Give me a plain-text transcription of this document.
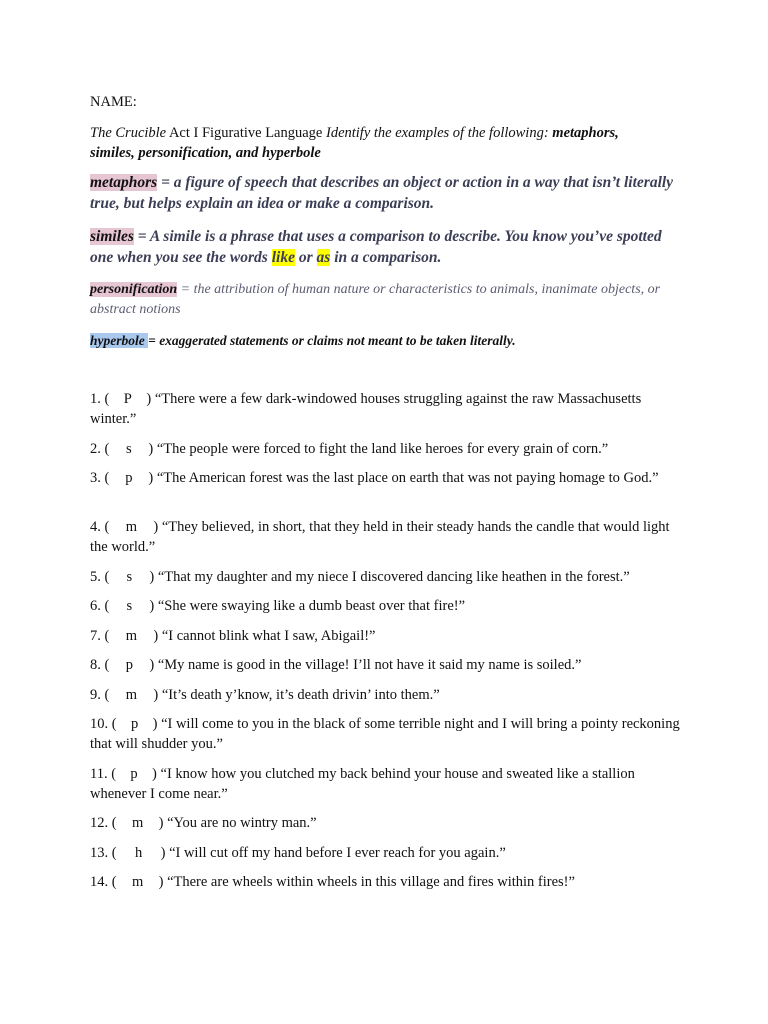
NAME:
The Crucible Act I Figurative Language Identify the examples of the following: metaphors,
similes, personification, and hyperbole
metaphors = a figure of speech that describes an object or action in a way that isn’t literally true, but helps explain an idea or make a comparison.
similes = A simile is a phrase that uses a comparison to describe. You know you’ve spotted one when you see the words like or as in a comparison.
personification = the attribution of human nature or characteristics to animals, inanimate objects, or abstract notions
hyperbole = exaggerated statements or claims not meant to be taken literally.
1. ( P ) “There were a few dark-windowed houses struggling against the raw Massachusetts winter.”
2. ( s ) “The people were forced to fight the land like heroes for every grain of corn.”
3. ( p ) “The American forest was the last place on earth that was not paying homage to God.”
4. ( m ) “They believed, in short, that they held in their steady hands the candle that would light the world.”
5. ( s ) “That my daughter and my niece I discovered dancing like heathen in the forest.”
6. ( s ) “She were swaying like a dumb beast over that fire!”
7. ( m ) “I cannot blink what I saw, Abigail!”
8. ( p ) “My name is good in the village! I’ll not have it said my name is soiled.”
9. ( m ) “It’s death y’know, it’s death drivin’ into them.”
10. ( p ) “I will come to you in the black of some terrible night and I will bring a pointy reckoning that will shudder you.”
11. ( p ) “I know how you clutched my back behind your house and sweated like a stallion whenever I come near.”
12. ( m ) “You are no wintry man.”
13. ( h ) “I will cut off my hand before I ever reach for you again.”
14. ( m ) “There are wheels within wheels in this village and fires within fires!”
